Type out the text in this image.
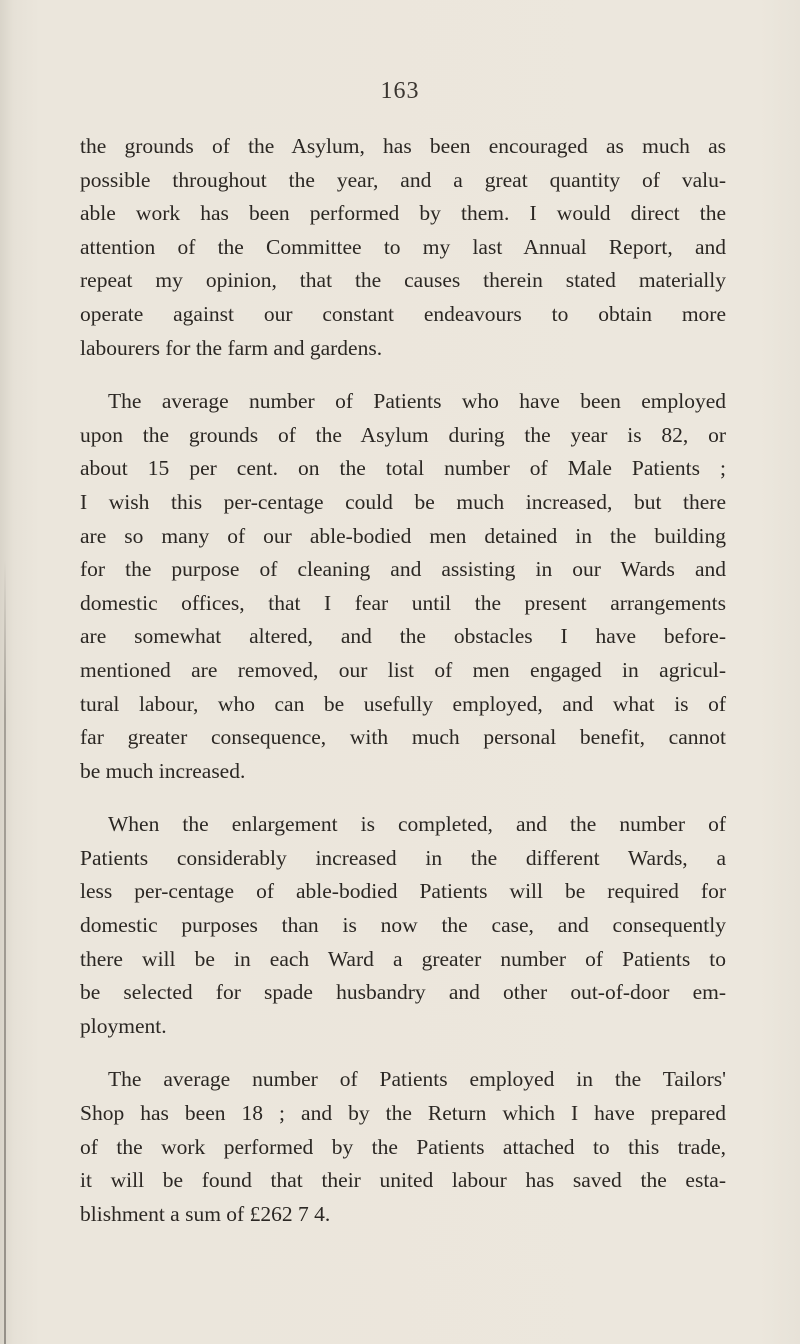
163

the grounds of the Asylum, has been encouraged as much as
possible throughout the year, and a great quantity of valu-
able work has been performed by them. I would direct the
attention of the Committee to my last Annual Report, and
repeat my opinion, that the causes therein stated materially
operate against our constant endeavours to obtain more
labourers for the farm and gardens.

The average number of Patients who have been employed
upon the grounds of the Asylum during the year is 82, or
about 15 per cent. on the total number of Male Patients ;
I wish this per-centage could be much increased, but there
are so many of our able-bodied men detained in the building
for the purpose of cleaning and assisting in our Wards and
domestic offices, that I fear until the present arrangements
are somewhat altered, and the obstacles I have before-
mentioned are removed, our list of men engaged in agricul-
tural labour, who can be usefully employed, and what is of
far greater consequence, with much personal benefit, cannot
be much increased.

When the enlargement is completed, and the number of
Patients considerably increased in the different Wards, a
less per-centage of able-bodied Patients will be required for
domestic purposes than is now the case, and consequently
there will be in each Ward a greater number of Patients to
be selected for spade husbandry and other out-of-door em-
ployment.

The average number of Patients employed in the Tailors'
Shop has been 18 ; and by the Return which I have prepared
of the work performed by the Patients attached to this trade,
it will be found that their united labour has saved the esta-
blishment a sum of £262 7 4.
